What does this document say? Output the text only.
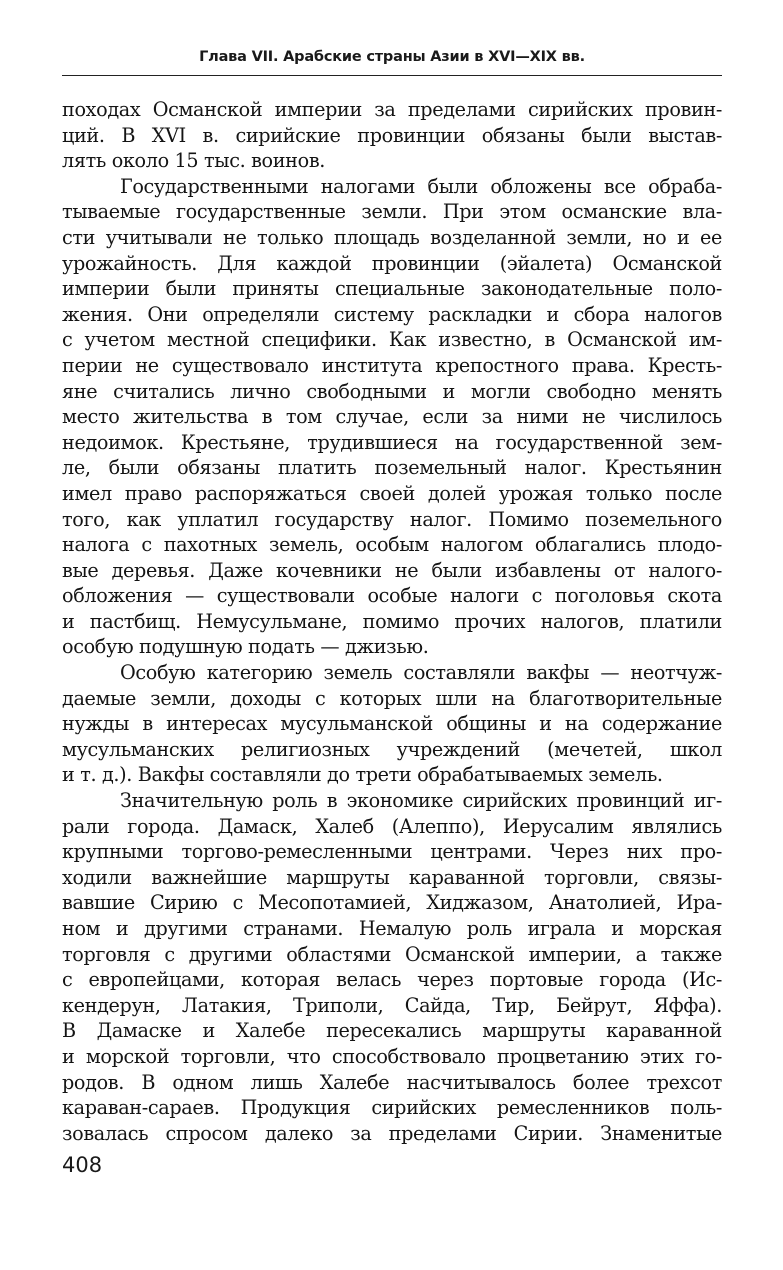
Глава VII. Арабские страны Азии в XVI—XIX вв.
походах Османской империи за пределами сирийских провин-
ций. В XVI в. сирийские провинции обязаны были выстав-
лять около 15 тыс. воинов.
Государственными налогами были обложены все обраба-
тываемые государственные земли. При этом османские вла-
сти учитывали не только площадь возделанной земли, но и ее
урожайность. Для каждой провинции (эйалета) Османской
империи были приняты специальные законодательные поло-
жения. Они определяли систему раскладки и сбора налогов
с учетом местной специфики. Как известно, в Османской им-
перии не существовало института крепостного права. Кресть-
яне считались лично свободными и могли свободно менять
место жительства в том случае, если за ними не числилось
недоимок. Крестьяне, трудившиеся на государственной зем-
ле, были обязаны платить поземельный налог. Крестьянин
имел право распоряжаться своей долей урожая только после
того, как уплатил государству налог. Помимо поземельного
налога с пахотных земель, особым налогом облагались плодо-
вые деревья. Даже кочевники не были избавлены от налого-
обложения — существовали особые налоги с поголовья скота
и пастбищ. Немусульмане, помимо прочих налогов, платили
особую подушную подать — джизью.
Особую категорию земель составляли вакфы — неотчуж-
даемые земли, доходы с которых шли на благотворительные
нужды в интересах мусульманской общины и на содержание
мусульманских религиозных учреждений (мечетей, школ
и т. д.). Вакфы составляли до трети обрабатываемых земель.
Значительную роль в экономике сирийских провинций иг-
рали города. Дамаск, Халеб (Алеппо), Иерусалим являлись
крупными торгово-ремесленными центрами. Через них про-
ходили важнейшие маршруты караванной торговли, связы-
вавшие Сирию с Месопотамией, Хиджазом, Анатолией, Ира-
ном и другими странами. Немалую роль играла и морская
торговля с другими областями Османской империи, а также
с европейцами, которая велась через портовые города (Ис-
кендерун, Латакия, Триполи, Сайда, Тир, Бейрут, Яффа).
В Дамаске и Халебе пересекались маршруты караванной
и морской торговли, что способствовало процветанию этих го-
родов. В одном лишь Халебе насчитывалось более трехсот
караван-сараев. Продукция сирийских ремесленников поль-
зовалась спросом далеко за пределами Сирии. Знаменитые
408
